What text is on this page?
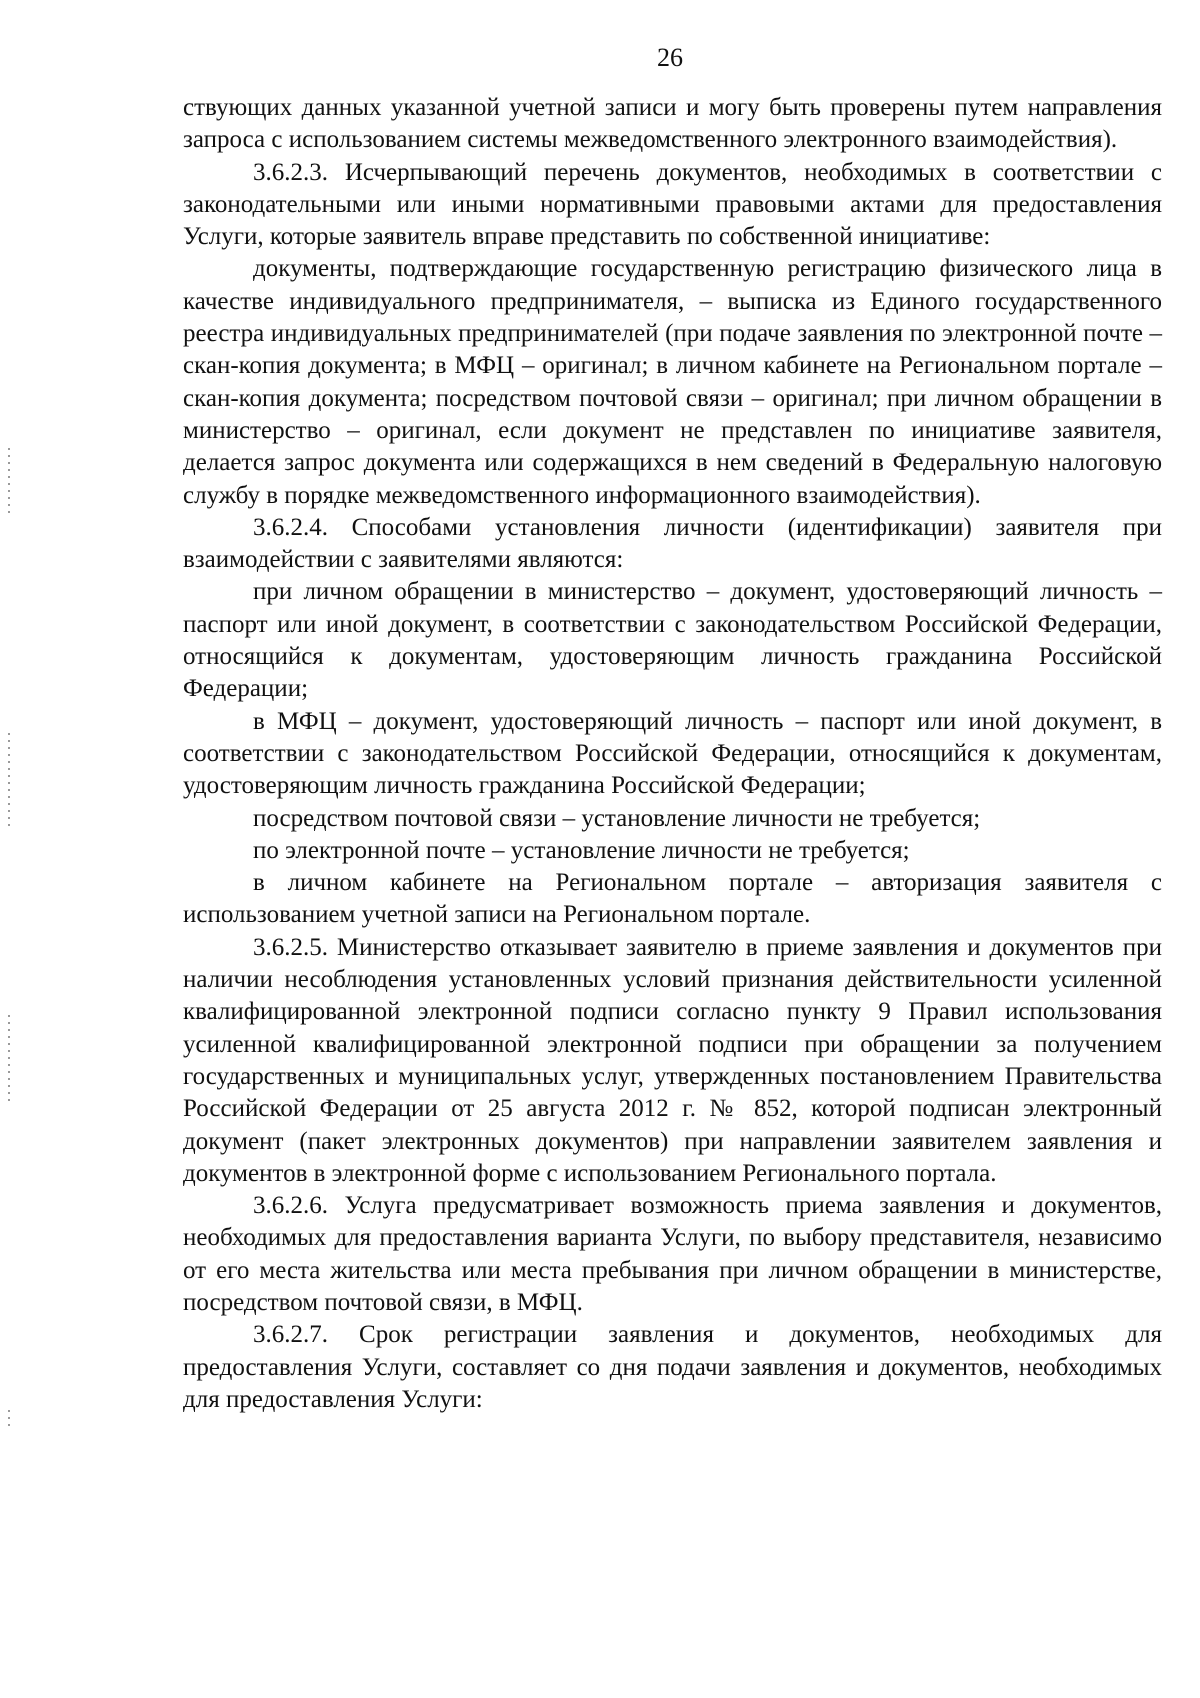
26

ствующих данных указанной учетной записи и могу быть проверены путем направления запроса с использованием системы межведомственного электронного взаимодействия).

3.6.2.3. Исчерпывающий перечень документов, необходимых в соответствии с законодательными или иными нормативными правовыми актами для предоставления Услуги, которые заявитель вправе представить по собственной инициативе:

документы, подтверждающие государственную регистрацию физического лица в качестве индивидуального предпринимателя, – выписка из Единого государственного реестра индивидуальных предпринимателей (при подаче заявления по электронной почте – скан-копия документа; в МФЦ – оригинал; в личном кабинете на Региональном портале – скан-копия документа; посредством почтовой связи – оригинал; при личном обращении в министерство – оригинал, если документ не представлен по инициативе заявителя, делается запрос документа или содержащихся в нем сведений в Федеральную налоговую службу в порядке межведомственного информационного взаимодействия).

3.6.2.4. Способами установления личности (идентификации) заявителя при взаимодействии с заявителями являются:

при личном обращении в министерство – документ, удостоверяющий личность – паспорт или иной документ, в соответствии с законодательством Российской Федерации, относящийся к документам, удостоверяющим личность гражданина Российской Федерации;

в МФЦ – документ, удостоверяющий личность – паспорт или иной документ, в соответствии с законодательством Российской Федерации, относящийся к документам, удостоверяющим личность гражданина Российской Федерации;

посредством почтовой связи – установление личности не требуется;

по электронной почте – установление личности не требуется;

в личном кабинете на Региональном портале – авторизация заявителя с использованием учетной записи на Региональном портале.

3.6.2.5. Министерство отказывает заявителю в приеме заявления и документов при наличии несоблюдения установленных условий признания действительности усиленной квалифицированной электронной подписи согласно пункту 9 Правил использования усиленной квалифицированной электронной подписи при обращении за получением государственных и муниципальных услуг, утвержденных постановлением Правительства Российской Федерации от 25 августа 2012 г. № 852, которой подписан электронный документ (пакет электронных документов) при направлении заявителем заявления и документов в электронной форме с использованием Регионального портала.

3.6.2.6. Услуга предусматривает возможность приема заявления и документов, необходимых для предоставления варианта Услуги, по выбору представителя, независимо от его места жительства или места пребывания при личном обращении в министерстве, посредством почтовой связи, в МФЦ.

3.6.2.7. Срок регистрации заявления и документов, необходимых для предоставления Услуги, составляет со дня подачи заявления и документов, необходимых для предоставления Услуги:
